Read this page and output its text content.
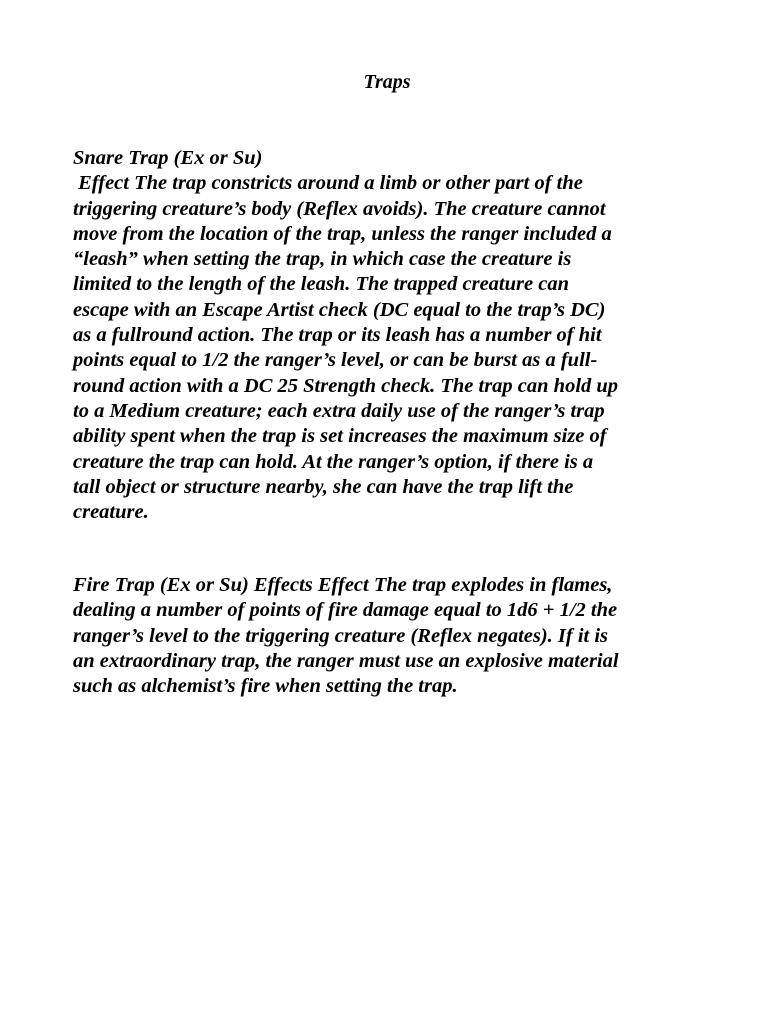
Traps
Snare Trap (Ex or Su)
Effect The trap constricts around a limb or other part of the
triggering creature’s body (Reflex avoids). The creature cannot
move from the location of the trap, unless the ranger included a
“leash” when setting the trap, in which case the creature is
limited to the length of the leash. The trapped creature can
escape with an Escape Artist check (DC equal to the trap’s DC)
as a fullround action. The trap or its leash has a number of hit
points equal to 1/2 the ranger’s level, or can be burst as a full-
round action with a DC 25 Strength check. The trap can hold up
to a Medium creature; each extra daily use of the ranger’s trap
ability spent when the trap is set increases the maximum size of
creature the trap can hold. At the ranger’s option, if there is a
tall object or structure nearby, she can have the trap lift the
creature.
Fire Trap (Ex or Su) Effects Effect The trap explodes in flames,
dealing a number of points of fire damage equal to 1d6 + 1/2 the
ranger’s level to the triggering creature (Reflex negates). If it is
an extraordinary trap, the ranger must use an explosive material
such as alchemist’s fire when setting the trap.
